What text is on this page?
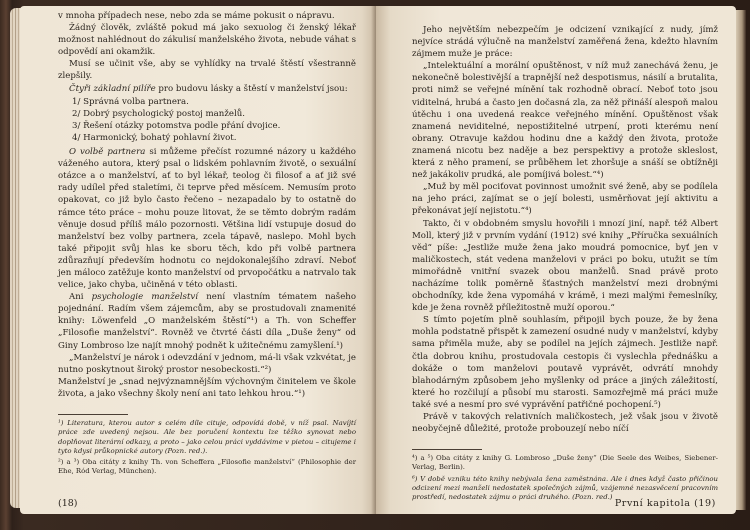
v mnoha případech nese, nebo zda se máme pokusit o nápravu.

Žádný člověk, zvláště pokud má jako sexuolog či ženský lékař možnost nahlédnout do zákulisí manželského života, nebude váhat s odpovědí ani okamžik.

Musí se učinit vše, aby se vyhlídky na trvalé štěstí všestranně zlepšily.

Čtyři základní pilíře pro budovu lásky a štěstí v manželství jsou:

1/ Správná volba partnera.
2/ Dobrý psychologický postoj manželů.
3/ Řešení otázky potomstva podle přání dvojice.
4/ Harmonický, bohatý pohlavní život.

O volbě partnera si můžeme přečíst rozumné názory u každého váženého autora, který psal o lidském pohlavním životě, o sexuální otázce a o manželství, ať to byl lékař, teolog či filosof a ať již své rady udílel před staletími, či teprve před měsícem. Nemusím proto opakovat, co již bylo často řečeno – nezapadalo by to ostatně do rámce této práce – mohu pouze litovat, že se těmto dobrým radám věnuje dosud příliš málo pozornosti. Většina lidí vstupuje dosud do manželství bez volby partnera, zcela tápavě, naslepo. Mohl bych také připojit svůj hlas ke sboru těch, kdo při volbě partnera zdůrazňují především hodnotu co nejdokonalejšího zdraví. Neboť jen máloco zatěžuje konto manželství od prvopočátku a natrvalo tak velice, jako chyba, učiněná v této oblasti.

Ani psychologie manželství není vlastním tématem našeho pojednání. Radím všem zájemcům, aby se prostudovali znamenité knihy: Löwenfeld „O manželském štěstí“¹) a Th. von Scheffer „Filosofie manželství“. Rovněž ve čtvrté části díla „Duše ženy“ od Giny Lombroso lze najít mnohý podnět k užitečnému zamyšlení.¹)

„Manželství je nárok i odevzdání v jednom, má-li však vzkvétat, je nutno poskytnout široký prostor nesobeckosti.“²)

Manželství je „snad nejvýznamnějším výchovným činitelem ve škole života, a jako všechny školy není ani tato lehkou hrou.“¹)

¹) Literatura, kterou autor s celém díle cituje, odpovídá době, v níž psal. Navíjtí práce zde uvedený nejsou. Ale bez poručení kontextu lze těžko synovat nebo doplňovat literární odkazy, a proto – jako celou práci vyddávime v pietou – citujeme i tyto kdysi průkopnické autory (Pozn. red.).
²) a ³) Oba citáty z knihy Th. von Scheffera „Filosofie manželství“ (Philosophie der Ehe, Ród Verlag, München).
(18)

Jeho největším nebezpečím je odcizení vznikající z nudy, jímž nejvíce strádá výlučně na manželství zaměřená žena, kdežto hlavním zájmem muže je práce:

„Intelektuální a morální opuštěnost, v níž muž zanechává ženu, je nekonečně bolestivější a trapnější než despotismus, násilí a brutalita, proti nimž se veřejné mínění tak rozhodně obrací. Neboť toto jsou viditelná, hrubá a často jen dočasná zla, za něž přináší alespoň malou útěchu i ona uvedená reakce veřejného mínění. Opuštěnost však znamená neviditelné, nepostižitelné utrpení, proti kterému není obrany. Otravuje každou hodinu dne a každý den života, protože znamená nicotu bez naděje a bez perspektivy a protože skleslost, která z něho pramení, se průběhem let zhoršuje a snáší se obtížněji než jakákoliv prudká, ale pomíjivá bolest.“⁴)

„Muž by měl pociťovat povinnost umožnit své ženě, aby se podílela na jeho práci, zajímat se o její bolesti, usměrňovat její aktivitu a překonávat její nejistotu.“⁴)

Takto, či v obdobném smyslu hovořili i mnozí jiní, např. též Albert Moll, který již v prvním vydání (1912) své knihy „Příručka sexuálních věd“ píše: „Jestliže muže žena jako moudrá pomocnice, byť jen v maličkostech, stát vedena manželovi v práci po boku, utužit se tím mimořádně vnitřní svazek obou manželů. Snad právě proto nacházíme tolik poměrně šťastných manželství mezi drobnými obchodníky, kde žena vypomáhá v krámě, i mezi malými řemeslníky, kde je žena rovněž příležitostně muží oporou.“

S tímto pojetím plně souhlasím, připojil bych pouze, že by žena mohla podstatně přispět k zamezení osudné nudy v manželství, kdyby sama přiměla muže, aby se podílel na jejích zájmech. Jestliže např. čtla dobrou knihu, prostudovala cestopis či vyslechla přednášku a dokáže o tom manželovi poutavě vyprávět, odvrátí mnohdy blahodárným způsobem jeho myšlenky od práce a jiných záležitostí, které ho rozčilují a působí mu starosti. Samozřejmě má práci muže také své a nesmí pro své vyprávění patřičné pochopení.⁵)

Právě v takových relativních maličkostech, jež však jsou v životě neobyčejně důležité, protože probouzejí nebo níčí

⁴) a ⁵) Oba citáty z knihy G. Lombroso „Duše ženy“ (Die Seele des Weibes, Siebener-Verlag, Berlin).
⁶) V době vzniku této knihy nebývala žena zaměstnána. Ale i dnes když často přičinou odcizení mezi manželi nedostatek společných zájmů, vzájemné nezasvěcení pracovním prostředí, nedostatek zájmu o práci druhého. (Pozn. red.)
První kapitola (19)
